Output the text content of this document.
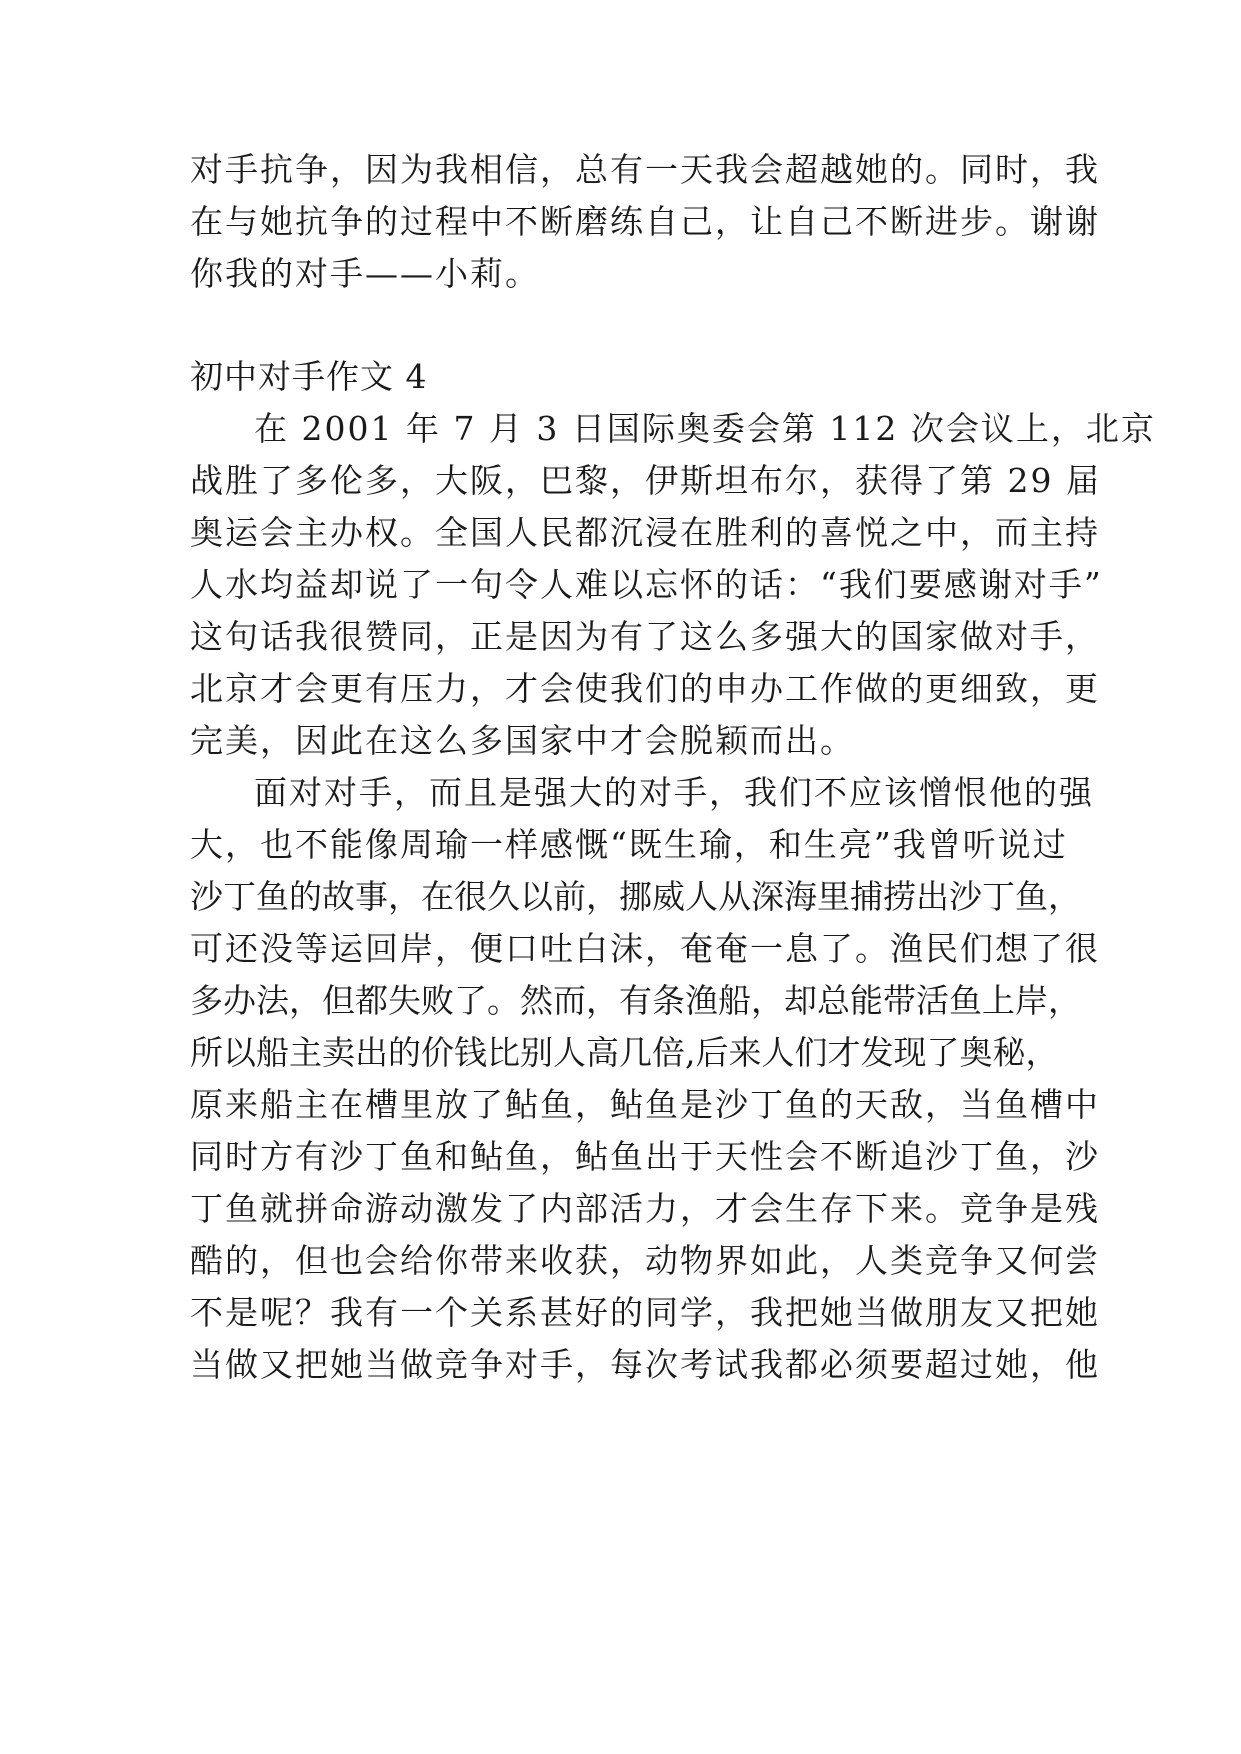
对手抗争，因为我相信，总有一天我会超越她的。同时，我
在与她抗争的过程中不断磨练自己，让自己不断进步。谢谢
你我的对手——小莉。
初中对手作文 4
在 2001 年 7 月 3 日国际奥委会第 112 次会议上，北京
战胜了多伦多，大阪，巴黎，伊斯坦布尔，获得了第 29 届
奥运会主办权。全国人民都沉浸在胜利的喜悦之中，而主持
人水均益却说了一句令人难以忘怀的话：“我们要感谢对手”
这句话我很赞同，正是因为有了这么多强大的国家做对手，
北京才会更有压力，才会使我们的申办工作做的更细致，更
完美，因此在这么多国家中才会脱颖而出。
面对对手，而且是强大的对手，我们不应该憎恨他的强
大，也不能像周瑜一样感慨“既生瑜，和生亮”我曾听说过
沙丁鱼的故事，在很久以前，挪威人从深海里捕捞出沙丁鱼，
可还没等运回岸，便口吐白沫，奄奄一息了。渔民们想了很
多办法，但都失败了。然而，有条渔船，却总能带活鱼上岸，
所以船主卖出的价钱比别人高几倍,后来人们才发现了奥秘，
原来船主在槽里放了鲇鱼，鲇鱼是沙丁鱼的天敌，当鱼槽中
同时方有沙丁鱼和鲇鱼，鲇鱼出于天性会不断追沙丁鱼，沙
丁鱼就拼命游动激发了内部活力，才会生存下来。竞争是残
酷的，但也会给你带来收获，动物界如此，人类竞争又何尝
不是呢？我有一个关系甚好的同学，我把她当做朋友又把她
当做又把她当做竞争对手，每次考试我都必须要超过她，他
